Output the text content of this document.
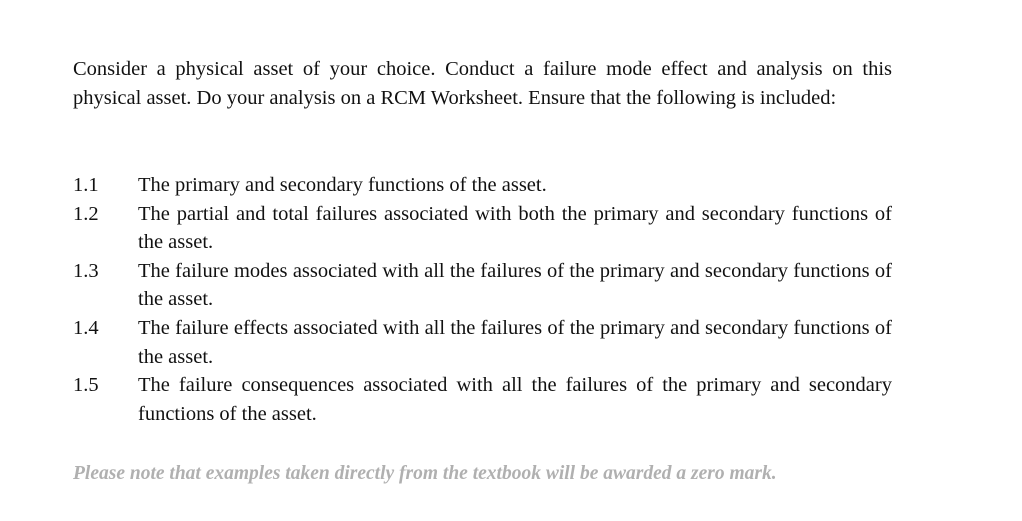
Consider a physical asset of your choice. Conduct a failure mode effect and analysis on this physical asset. Do your analysis on a RCM Worksheet. Ensure that the following is included:

1.1	The primary and secondary functions of the asset.
1.2	The partial and total failures associated with both the primary and secondary functions of the asset.
1.3	The failure modes associated with all the failures of the primary and secondary functions of the asset.
1.4	The failure effects associated with all the failures of the primary and secondary functions of the asset.
1.5	The failure consequences associated with all the failures of the primary and secondary functions of the asset.

Please note that examples taken directly from the textbook will be awarded a zero mark.
